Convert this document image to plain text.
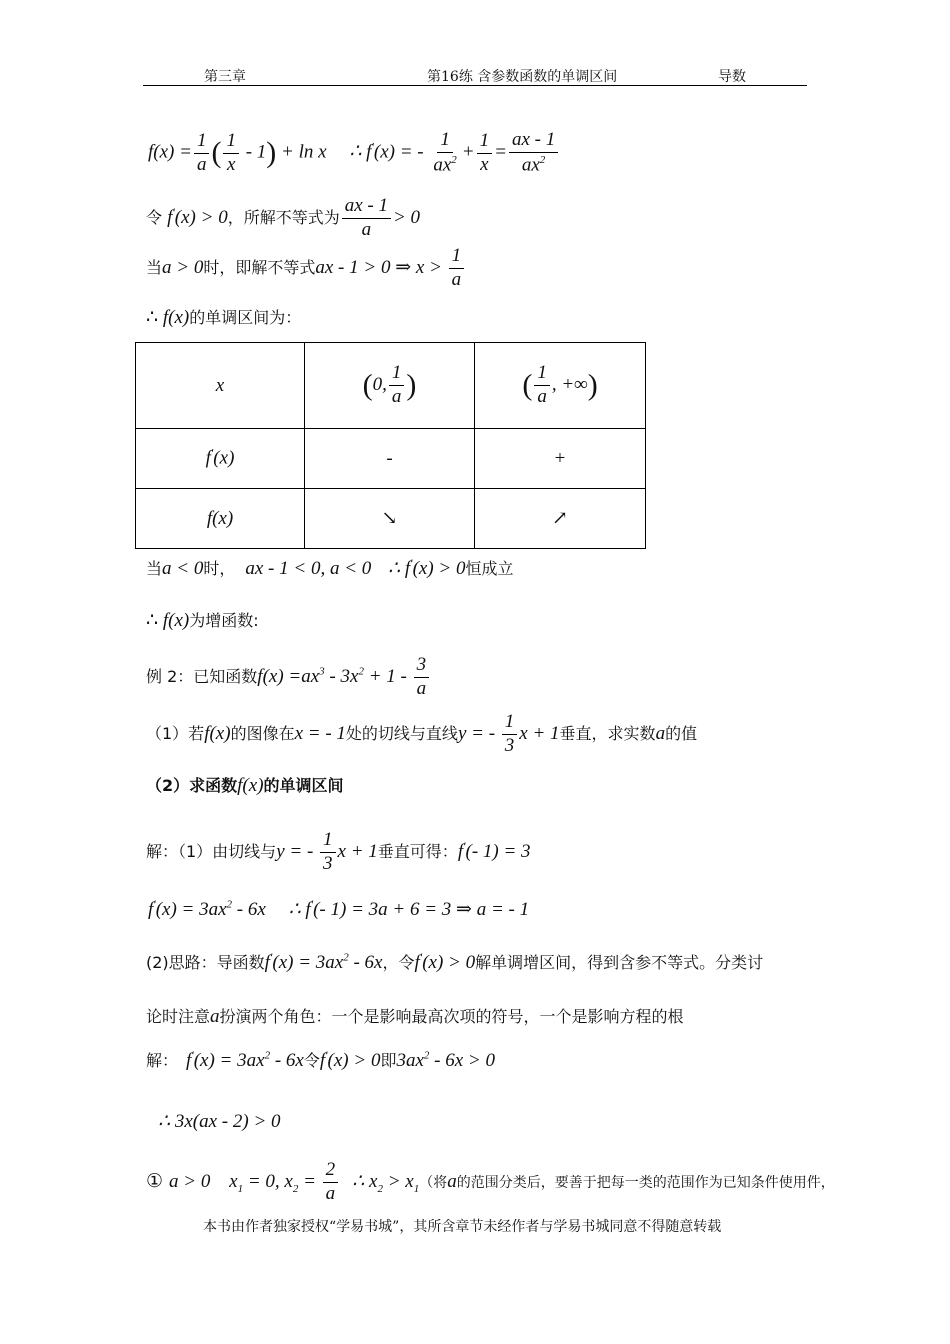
第三章	第16练 含参数函数的单调区间	导数
$f(x) = \frac{1}{a}$ ( $\frac{1}{x} - 1) + \ln x$ ∴ f′(x) = - $\frac{1}{ax^2} + \frac{1}{x} = \frac{ax - 1}{ax^2}$
令 f′(x) > 0，所解不等式为 $\frac{ax - 1}{a} > 0$
当a > 0时，即解不等式ax - 1 > 0 ⇒ $x > \frac{1}{a}$
∴ f(x)的单调区间为：
x	(0, $\frac{1}{a}$ )	( $\frac{1}{a}$ , +∞)
f′(x)	-	+
f(x)	↘	↗
当a < 0时， ax - 1 < 0, a < 0 ∴ f′(x) > 0恒成立
∴ f(x)为增函数:
例 2：已知函数$f(x) =ax^3 - 3x^2 + 1 - \frac{3}{a}$
（1）若f(x)的图像在x = - 1处的切线与直线y = - $\frac{1}{3}$ x + 1垂直，求实数a的值
（2）求函数f(x)的单调区间
解：（1）由切线与y = - $\frac{1}{3}$ x + 1垂直可得：f′(- 1) = 3
$f'(x) = 3ax^2 - 6x$ ∴ f′(- 1) = 3a + 6 = 3 ⇒ a = - 1
(2)思路：导函数$f'(x) = 3ax^2 - 6x$，令f′(x) > 0解单调增区间，得到含参不等式。分类讨
论时注意a扮演两个角色：一个是影响最高次项的符号，一个是影响方程的根
解： $f'(x) = 3ax^2 - 6x$令f′(x) > 0即$3ax^2 - 6x > 0$
∴ 3x(ax - 2) > 0
① a > 0 $x_1 = 0$, $x_2 = \frac{2}{a}$ ∴ $x_2 > x_1$（将a的范围分类后，要善于把每一类的范围作为已知条件使用件，
本书由作者独家授权“学易书城”，其所含章节未经作者与学易书城同意不得随意转载
